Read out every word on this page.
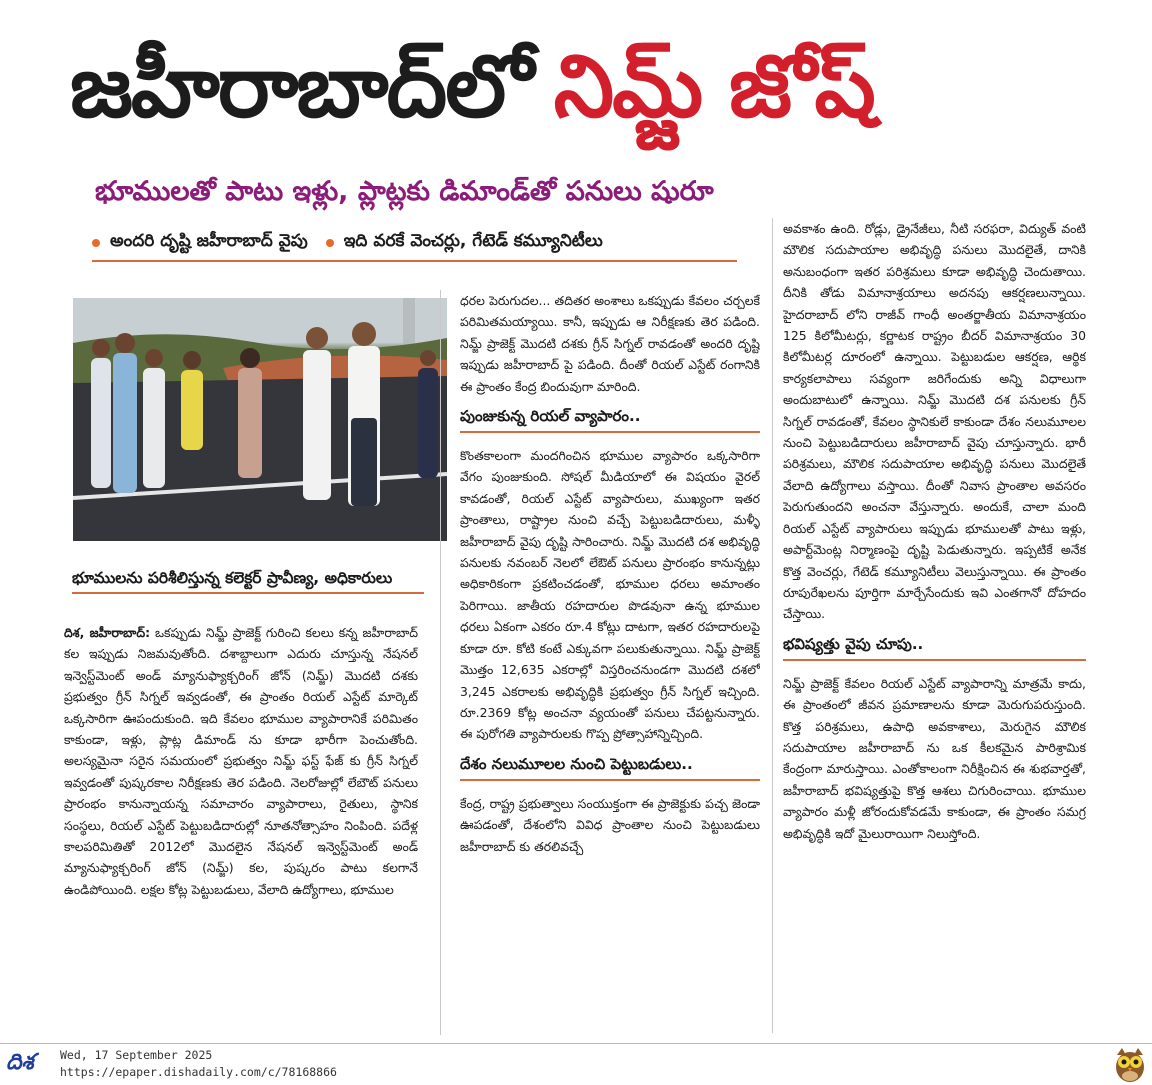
జహీరాబాద్‌లో నిమ్జ్ జోష్
భూములతో పాటు ఇళ్లు, ప్లాట్లకు డిమాండ్‌తో పనులు షురూ
అందరి దృష్టి జహీరాబాద్ వైపు ఇది వరకే వెంచర్లు, గేటెడ్ కమ్యూనిటీలు
భూములను పరిశీలిస్తున్న కలెక్టర్ ప్రావీణ్య, అధికారులు

దిశ, జహీరాబాద్: ఒకప్పుడు నిమ్జ్ ప్రాజెక్ట్ గురించి కలలు కన్న జహీరాబాద్ కల ఇప్పుడు నిజమవుతోంది. దశాబ్దాలుగా ఎదురు చూస్తున్న నేషనల్ ఇన్వెస్ట్‌మెంట్ అండ్ మ్యానుఫ్యాక్చరింగ్ జోన్ (నిమ్జ్) మొదటి దశకు ప్రభుత్వం గ్రీన్ సిగ్నల్ ఇవ్వడంతో, ఈ ప్రాంతం రియల్ ఎస్టేట్ మార్కెట్ ఒక్కసారిగా ఊపందుకుంది. ఇది కేవలం భూముల వ్యాపారానికే పరిమితం కాకుండా, ఇళ్లు, ప్లాట్ల డిమాండ్ ను కూడా భారీగా పెంచుతోంది. అలస్యమైనా సరైన సమయంలో ప్రభుత్వం నిమ్జ్ ఫస్ట్ ఫేజ్ కు గ్రీన్ సిగ్నల్ ఇవ్వడంతో పుష్కరకాల నిరీక్షణకు తెర పడింది. నెలరోజుల్లో లేబౌట్ పనులు ప్రారంభం కానున్నాయన్న సమాచారం వ్యాపారాలు, రైతులు, స్థానిక సంస్థలు, రియల్ ఎస్టేట్ పెట్టుబడిదారుల్లో నూతనోత్సాహం నింపింది. పదేళ్ల కాలపరిమితితో 2012లో మొదలైన నేషనల్ ఇన్వెస్ట్‌మెంట్ అండ్ మ్యానుఫ్యాక్చరింగ్ జోన్ (నిమ్జ్) కల, పుష్కరం పాటు కలగానే ఉండిపోయింది. లక్షల కోట్ల పెట్టుబడులు, వేలాది ఉద్యోగాలు, భూముల

ధరల పెరుగుదల... తదితర అంశాలు ఒకప్పుడు కేవలం చర్చలకే పరిమితమయ్యాయి. కానీ, ఇప్పుడు ఆ నిరీక్షణకు తెర పడింది. నిమ్జ్ ప్రాజెక్ట్ మొదటి దశకు గ్రీన్ సిగ్నల్ రావడంతో అందరి దృష్టి ఇప్పుడు జహీరాబాద్ పై పడింది. దీంతో రియల్ ఎస్టేట్ రంగానికి ఈ ప్రాంతం కేంద్ర బిందువుగా మారింది.

పుంజుకున్న రియల్ వ్యాపారం..

కొంతకాలంగా మందగించిన భూముల వ్యాపారం ఒక్కసారిగా వేగం పుంజుకుంది. సోషల్ మీడియాలో ఈ విషయం వైరల్ కావడంతో, రియల్ ఎస్టేట్ వ్యాపారులు, ముఖ్యంగా ఇతర ప్రాంతాలు, రాష్ట్రాల నుంచి వచ్చే పెట్టుబడిదారులు, మళ్ళీ జహీరాబాద్ వైపు దృష్టి సారించారు. నిమ్జ్ మొదటి దశ అభివృద్ధి పనులకు నవంబర్ నెలలో లేఔట్ పనులు ప్రారంభం కానున్నట్లు అధికారికంగా ప్రకటించడంతో, భూముల ధరలు అమాంతం పెరిగాయి. జాతీయ రహదారుల పొడవునా ఉన్న భూముల ధరలు ఏకంగా ఎకరం రూ.4 కోట్లు దాటగా, ఇతర రహదారులపై కూడా రూ. కోటి కంటే ఎక్కువగా పలుకుతున్నాయి. నిమ్జ్ ప్రాజెక్ట్ మొత్తం 12,635 ఎకరాల్లో విస్తరించనుండగా మొదటి దశలో 3,245 ఎకరాలకు అభివృద్ధికి ప్రభుత్వం గ్రీన్ సిగ్నల్ ఇచ్చింది. రూ.2369 కోట్ల అంచనా వ్యయంతో పనులు చేపట్టనున్నారు. ఈ పురోగతి వ్యాపారులకు గొప్ప ప్రోత్సాహాన్నిచ్చింది.

దేశం నలుమూలల నుంచి పెట్టుబడులు..

కేంద్ర, రాష్ట్ర ప్రభుత్వాలు సంయుక్తంగా ఈ ప్రాజెక్టుకు పచ్చ జెండా ఊపడంతో, దేశంలోని వివిధ ప్రాంతాల నుంచి పెట్టుబడులు జహీరాబాద్ కు తరలివచ్చే

అవకాశం ఉంది. రోడ్లు, డ్రైనేజీలు, నీటి సరఫరా, విద్యుత్ వంటి మౌలిక సదుపాయాల అభివృద్ధి పనులు మొదలైతే, దానికి అనుబంధంగా ఇతర పరిశ్రమలు కూడా అభివృద్ధి చెందుతాయి. దీనికి తోడు విమానాశ్రయాలు అదనపు ఆకర్షణలున్నాయి. హైదరాబాద్ లోని రాజీవ్ గాంధీ అంతర్జాతీయ విమానాశ్రయం 125 కిలోమీటర్లు, కర్ణాటక రాష్ట్రం బీదర్ విమానాశ్రయం 30 కిలోమీటర్ల దూరంలో ఉన్నాయి. పెట్టుబడుల ఆకర్షణ, ఆర్థిక కార్యకలాపాలు సవ్యంగా జరిగేందుకు అన్ని విధాలుగా అందుబాటులో ఉన్నాయి. నిమ్జ్ మొదటి దశ పనులకు గ్రీన్ సిగ్నల్ రావడంతో, కేవలం స్థానికులే కాకుండా దేశం నలుమూలల నుంచి పెట్టుబడిదారులు జహీరాబాద్ వైపు చూస్తున్నారు. భారీ పరిశ్రమలు, మౌలిక సదుపాయాల అభివృద్ధి పనులు మొదలైతే వేలాది ఉద్యోగాలు వస్తాయి. దీంతో నివాస ప్రాంతాల అవసరం పెరుగుతుందని అంచనా వేస్తున్నారు. అందుకే, చాలా మంది రియల్ ఎస్టేట్ వ్యాపారులు ఇప్పుడు భూములతో పాటు ఇళ్లు, అపార్ట్‌మెంట్ల నిర్మాణంపై దృష్టి పెడుతున్నారు. ఇప్పటికే అనేక కొత్త వెంచర్లు, గేటెడ్ కమ్యూనిటీలు వెలుస్తున్నాయి. ఈ ప్రాంతం రూపురేఖలను పూర్తిగా మార్చేసేందుకు ఇవి ఎంతగానో దోహదం చేస్తాయి.

భవిష్యత్తు వైపు చూపు..

నిమ్జ్ ప్రాజెక్ట్ కేవలం రియల్ ఎస్టేట్ వ్యాపారాన్ని మాత్రమే కాదు, ఈ ప్రాంతంలో జీవన ప్రమాణాలను కూడా మెరుగుపరుస్తుంది. కొత్త పరిశ్రమలు, ఉపాధి అవకాశాలు, మెరుగైన మౌలిక సదుపాయాల జహీరాబాద్ ను ఒక కీలకమైన పారిశ్రామిక కేంద్రంగా మారుస్తాయి. ఎంతోకాలంగా నిరీక్షించిన ఈ శుభవార్తతో, జహీరాబాద్ భవిష్యత్తుపై కొత్త ఆశలు చిగురించాయి. భూముల వ్యాపారం మళ్లీ జోరందుకోవడమే కాకుండా, ఈ ప్రాంతం సమగ్ర అభివృద్ధికి ఇదో మైలురాయిగా నిలుస్తోంది.

దిశ	Wed, 17 September 2025
https://epaper.dishadaily.com/c/78168866
